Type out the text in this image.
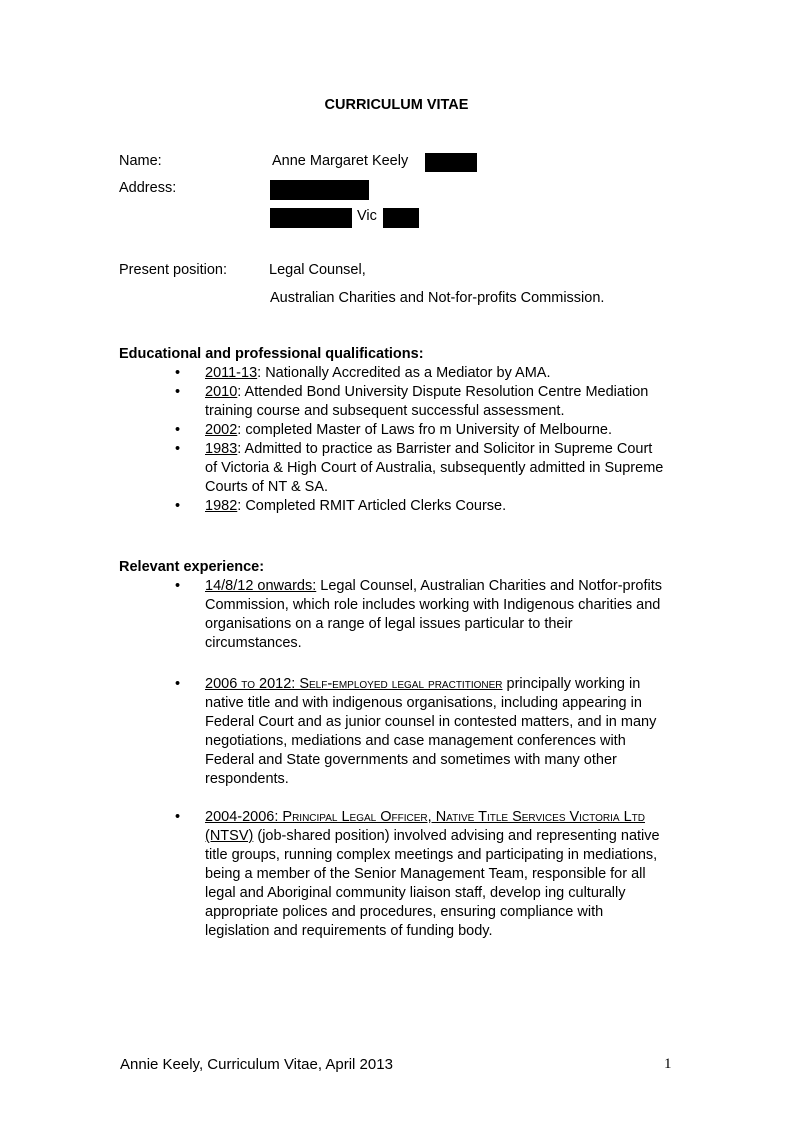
CURRICULUM VITAE
Name:	Anne Margaret Keely
Address:
Vic
Present position:	Legal Counsel,
Australian Charities and Not-for-profits Commission.
Educational and professional qualifications:
• 2011-13: Nationally Accredited as a Mediator by AMA.
• 2010: Attended Bond University Dispute Resolution Centre Mediation training course and subsequent successful assessment.
• 2002: completed Master of Laws fro m University of Melbourne.
• 1983: Admitted to practice as Barrister and Solicitor in Supreme Court of Victoria & High Court of Australia, subsequently admitted in Supreme Courts of NT & SA.
• 1982: Completed RMIT Articled Clerks Course.
Relevant experience:
• 14/8/12 onwards: Legal Counsel, Australian Charities and Notfor-profits Commission, which role includes working with Indigenous charities and organisations on a range of legal issues particular to their circumstances.
• 2006 to 2012: Self-employed legal practitioner principally working in native title and with indigenous organisations, including appearing in Federal Court and as junior counsel in contested matters, and in many negotiations, mediations and case management conferences with Federal and State governments and sometimes with many other respondents.
• 2004-2006: Principal Legal Officer, Native Title Services Victoria Ltd (NTSV) (job-shared position) involved advising and representing native title groups, running complex meetings and participating in mediations, being a member of the Senior Management Team, responsible for all legal and Aboriginal community liaison staff, develop ing culturally appropriate polices and procedures, ensuring compliance with legislation and requirements of funding body.
Annie Keely, Curriculum Vitae, April 2013	1
